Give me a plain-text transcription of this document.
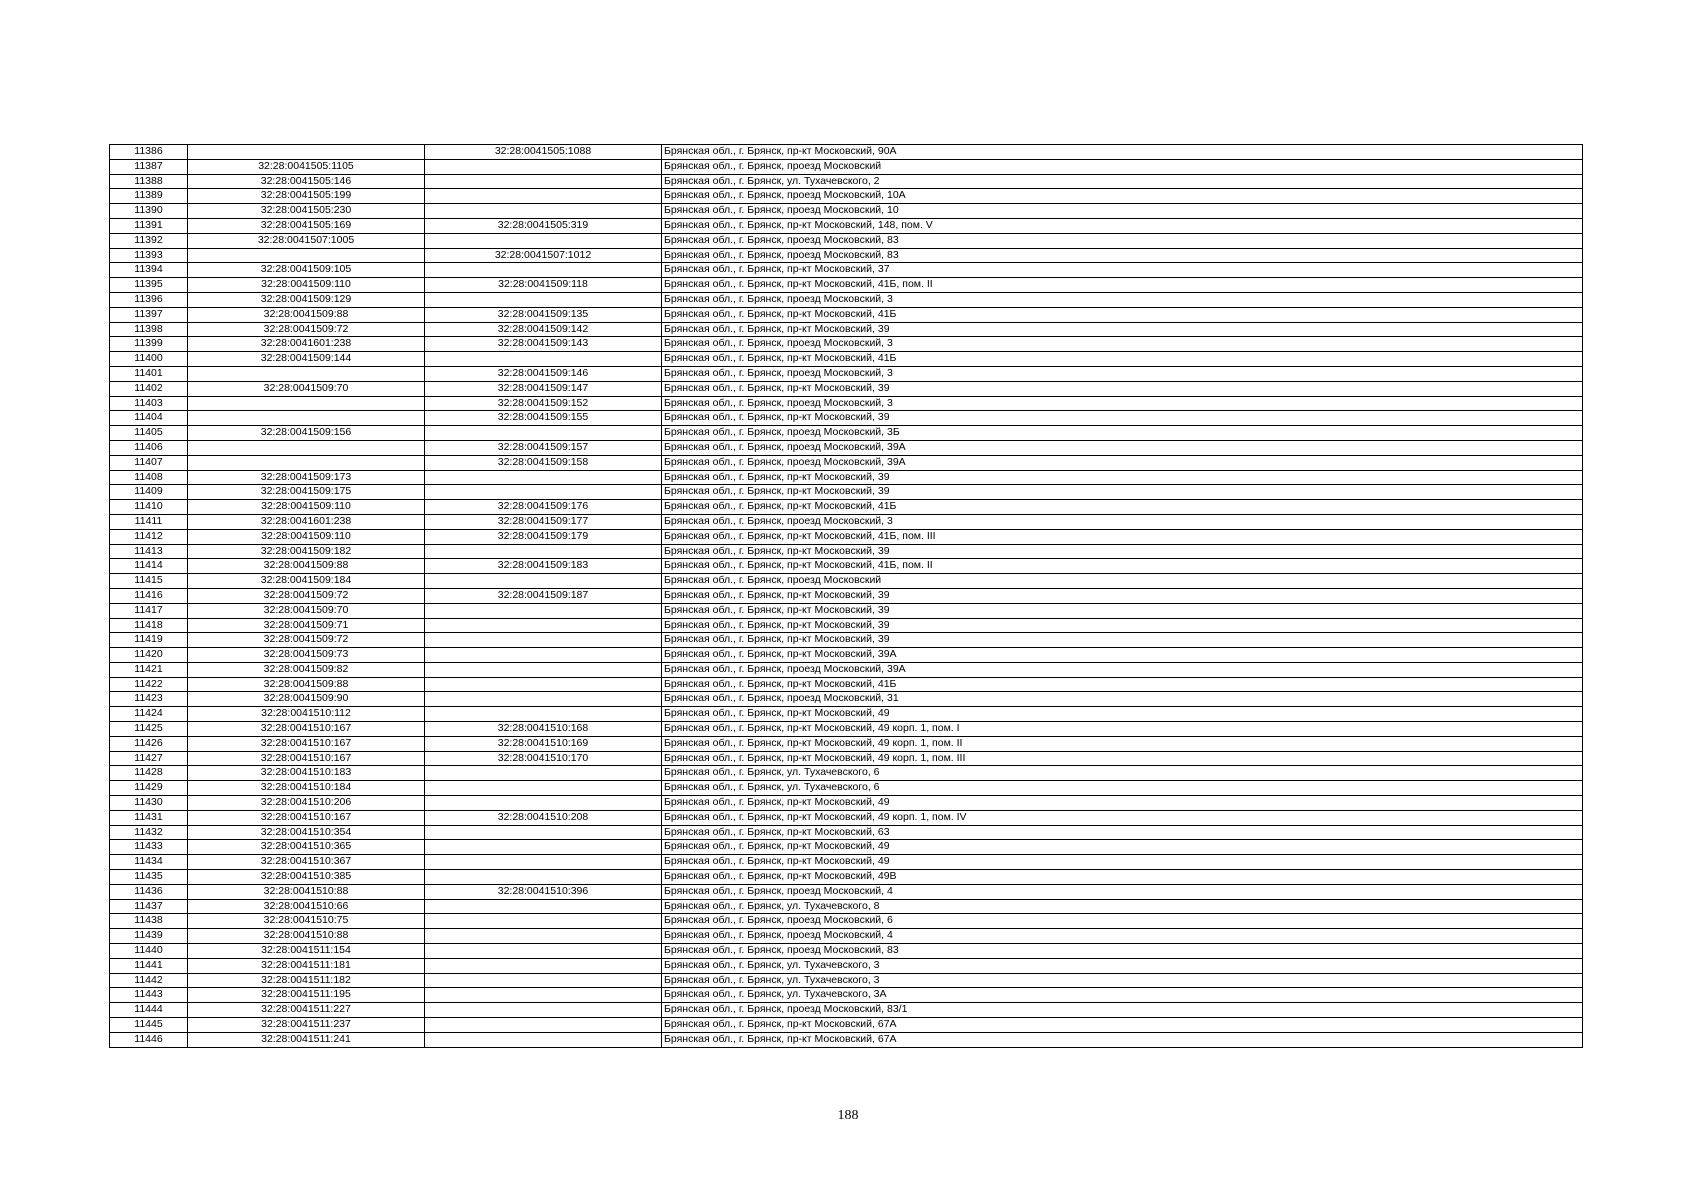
11386		32:28:0041505:1088	Брянская обл., г. Брянск, пр-кт Московский, 90А
11387	32:28:0041505:1105		Брянская обл., г. Брянск, проезд Московский
11388	32:28:0041505:146		Брянская обл., г. Брянск, ул. Тухачевского, 2
11389	32:28:0041505:199		Брянская обл., г. Брянск, проезд Московский, 10А
11390	32:28:0041505:230		Брянская обл., г. Брянск, проезд Московский, 10
11391	32:28:0041505:169	32:28:0041505:319	Брянская обл., г. Брянск, пр-кт Московский, 148, пом. V
11392	32:28:0041507:1005		Брянская обл., г. Брянск, проезд Московский, 83
11393		32:28:0041507:1012	Брянская обл., г. Брянск, проезд Московский, 83
11394	32:28:0041509:105		Брянская обл., г. Брянск, пр-кт Московский, 37
11395	32:28:0041509:110	32:28:0041509:118	Брянская обл., г. Брянск, пр-кт Московский, 41Б, пом. II
11396	32:28:0041509:129		Брянская обл., г. Брянск, проезд Московский, 3
11397	32:28:0041509:88	32:28:0041509:135	Брянская обл., г. Брянск, пр-кт Московский, 41Б
11398	32:28:0041509:72	32:28:0041509:142	Брянская обл., г. Брянск, пр-кт Московский, 39
11399	32:28:0041601:238	32:28:0041509:143	Брянская обл., г. Брянск, проезд Московский, 3
11400	32:28:0041509:144		Брянская обл., г. Брянск, пр-кт Московский, 41Б
11401		32:28:0041509:146	Брянская обл., г. Брянск, проезд Московский, 3
11402	32:28:0041509:70	32:28:0041509:147	Брянская обл., г. Брянск, пр-кт Московский, 39
11403		32:28:0041509:152	Брянская обл., г. Брянск, проезд Московский, 3
11404		32:28:0041509:155	Брянская обл., г. Брянск, пр-кт Московский, 39
11405	32:28:0041509:156		Брянская обл., г. Брянск, проезд Московский, 3Б
11406		32:28:0041509:157	Брянская обл., г. Брянск, проезд Московский, 39А
11407		32:28:0041509:158	Брянская обл., г. Брянск, проезд Московский, 39А
11408	32:28:0041509:173		Брянская обл., г. Брянск, пр-кт Московский, 39
11409	32:28:0041509:175		Брянская обл., г. Брянск, пр-кт Московский, 39
11410	32:28:0041509:110	32:28:0041509:176	Брянская обл., г. Брянск, пр-кт Московский, 41Б
11411	32:28:0041601:238	32:28:0041509:177	Брянская обл., г. Брянск, проезд Московский, 3
11412	32:28:0041509:110	32:28:0041509:179	Брянская обл., г. Брянск, пр-кт Московский, 41Б, пом. III
11413	32:28:0041509:182		Брянская обл., г. Брянск, пр-кт Московский, 39
11414	32:28:0041509:88	32:28:0041509:183	Брянская обл., г. Брянск, пр-кт Московский, 41Б, пом. II
11415	32:28:0041509:184		Брянская обл., г. Брянск, проезд Московский
11416	32:28:0041509:72	32:28:0041509:187	Брянская обл., г. Брянск, пр-кт Московский, 39
11417	32:28:0041509:70		Брянская обл., г. Брянск, пр-кт Московский, 39
11418	32:28:0041509:71		Брянская обл., г. Брянск, пр-кт Московский, 39
11419	32:28:0041509:72		Брянская обл., г. Брянск, пр-кт Московский, 39
11420	32:28:0041509:73		Брянская обл., г. Брянск, пр-кт Московский, 39А
11421	32:28:0041509:82		Брянская обл., г. Брянск, проезд Московский, 39А
11422	32:28:0041509:88		Брянская обл., г. Брянск, пр-кт Московский, 41Б
11423	32:28:0041509:90		Брянская обл., г. Брянск, проезд Московский, 31
11424	32:28:0041510:112		Брянская обл., г. Брянск, пр-кт Московский, 49
11425	32:28:0041510:167	32:28:0041510:168	Брянская обл., г. Брянск, пр-кт Московский, 49 корп. 1, пом. I
11426	32:28:0041510:167	32:28:0041510:169	Брянская обл., г. Брянск, пр-кт Московский, 49 корп. 1, пом. II
11427	32:28:0041510:167	32:28:0041510:170	Брянская обл., г. Брянск, пр-кт Московский, 49 корп. 1, пом. III
11428	32:28:0041510:183		Брянская обл., г. Брянск, ул. Тухачевского, 6
11429	32:28:0041510:184		Брянская обл., г. Брянск, ул. Тухачевского, 6
11430	32:28:0041510:206		Брянская обл., г. Брянск, пр-кт Московский, 49
11431	32:28:0041510:167	32:28:0041510:208	Брянская обл., г. Брянск, пр-кт Московский, 49 корп. 1, пом. IV
11432	32:28:0041510:354		Брянская обл., г. Брянск, пр-кт Московский, 63
11433	32:28:0041510:365		Брянская обл., г. Брянск, пр-кт Московский, 49
11434	32:28:0041510:367		Брянская обл., г. Брянск, пр-кт Московский, 49
11435	32:28:0041510:385		Брянская обл., г. Брянск, пр-кт Московский, 49В
11436	32:28:0041510:88	32:28:0041510:396	Брянская обл., г. Брянск, проезд Московский, 4
11437	32:28:0041510:66		Брянская обл., г. Брянск, ул. Тухачевского, 8
11438	32:28:0041510:75		Брянская обл., г. Брянск, проезд Московский, 6
11439	32:28:0041510:88		Брянская обл., г. Брянск, проезд Московский, 4
11440	32:28:0041511:154		Брянская обл., г. Брянск, проезд Московский, 83
11441	32:28:0041511:181		Брянская обл., г. Брянск, ул. Тухачевского, 3
11442	32:28:0041511:182		Брянская обл., г. Брянск, ул. Тухачевского, 3
11443	32:28:0041511:195		Брянская обл., г. Брянск, ул. Тухачевского, 3А
11444	32:28:0041511:227		Брянская обл., г. Брянск, проезд Московский, 83/1
11445	32:28:0041511:237		Брянская обл., г. Брянск, пр-кт Московский, 67А
11446	32:28:0041511:241		Брянская обл., г. Брянск, пр-кт Московский, 67А
188
